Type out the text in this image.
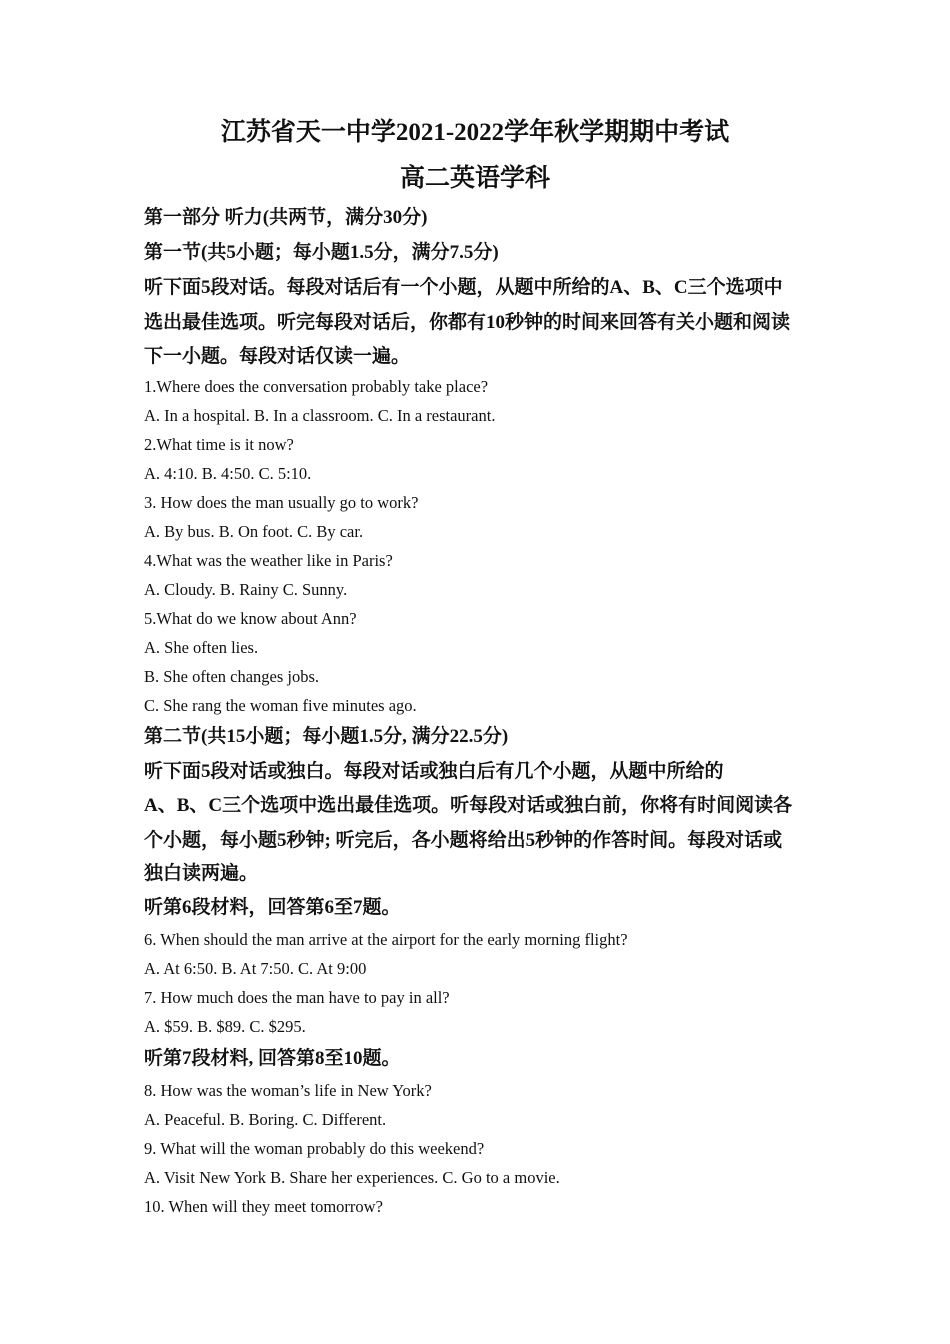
江苏省天一中学2021-2022学年秋学期期中考试
高二英语学科
第一部分 听力(共两节，满分30分)
第一节(共5小题；每小题1.5分，满分7.5分)
听下面5段对话。每段对话后有一个小题，从题中所给的A、B、C三个选项中
选出最佳选项。听完每段对话后，你都有10秒钟的时间来回答有关小题和阅读
下一小题。每段对话仅读一遍。
1.Where does the conversation probably take place?
A. In a hospital. B. In a classroom. C. In a restaurant.
2.What time is it now?
A. 4:10. B. 4:50. C. 5:10.
3. How does the man usually go to work?
A. By bus. B. On foot. C. By car.
4.What was the weather like in Paris?
A. Cloudy. B. Rainy C. Sunny.
5.What do we know about Ann?
A. She often lies.
B. She often changes jobs.
C. She rang the woman five minutes ago.
第二节(共15小题；每小题1.5分, 满分22.5分)
听下面5段对话或独白。每段对话或独白后有几个小题，从题中所给的
A、B、C三个选项中选出最佳选项。听每段对话或独白前，你将有时间阅读各
个小题，每小题5秒钟; 听完后，各小题将给出5秒钟的作答时间。每段对话或
独白读两遍。
听第6段材料，回答第6至7题。
6. When should the man arrive at the airport for the early morning flight?
A. At 6:50. B. At 7:50. C. At 9:00
7. How much does the man have to pay in all?
A. $59. B. $89. C. $295.
听第7段材料, 回答第8至10题。
8. How was the woman’s life in New York?
A. Peaceful. B. Boring. C. Different.
9. What will the woman probably do this weekend?
A. Visit New York B. Share her experiences. C. Go to a movie.
10. When will they meet tomorrow?
